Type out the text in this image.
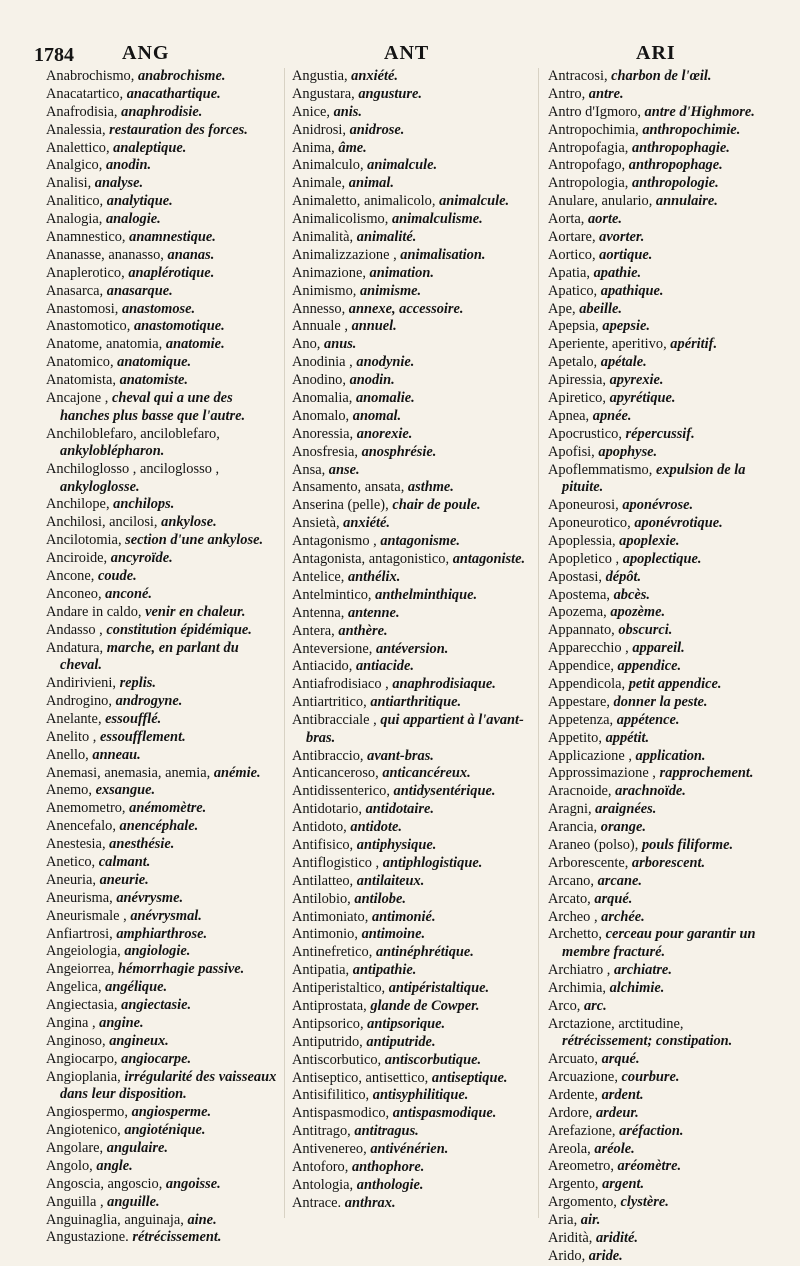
1784 ANG	ANT	ARI
Anabrochismo, anabrochisme.
Anacatartico, anacathartique.
Anafrodisia, anaphrodisie.
Analessia, restauration des forces.
Analettico, analeptique.
Analgico, anodin.
Analisi, analyse.
Analitico, analytique.
Analogia, analogie.
Anamnestico, anamnestique.
Ananasse, ananasso, ananas.
Anaplerotico, anaplérotique.
Anasarca, anasarque.
Anastomosi, anastomose.
Anastomotico, anastomotique.
Anatome, anatomia, anatomie.
Anatomico, anatomique.
Anatomista, anatomiste.
Ancajone , cheval qui a une des hanches plus basse que l'autre.
Anchiloblefaro, ancilоblefaro, ankyloblépharon.
Anchiloglosso , ancilоglosso , ankyloglosse.
Anchilope, anchilops.
Anchilosi, ancilosi, ankylose.
Ancilotomia, section d'une ankylose.
Anciroide, ancyroïde.
Ancone, coude.
Anconeo, anconé.
Andare in caldo, venir en chaleur.
Andasso , constitution épidémique.
Andatura, marche, en parlant du cheval.
Andirivieni, replis.
Androgino, androgyne.
Anelante, essoufflé.
Anelito , essoufflement.
Anello, anneau.
Anemasi, anemasia, anemia, anémie.
Anemo, exsangue.
Anemometro, anémomètre.
Anencefalo, anencéphale.
Anestesia, anesthésie.
Anetico, calmant.
Aneuria, aneurie.
Aneurisma, anévrysme.
Aneurismale , anévrysmal.
Anfiartrosi, amphiarthrose.
Angeiologia, angiologie.
Angeiorrea, hémorrhagie passive.
Angelica, angélique.
Angiectasia, angiectasie.
Angina , angine.
Anginoso, angineux.
Angiocarpo, angiocarpe.
Angioplania, irrégularité des vaisseaux dans leur disposition.
Angiospermo, angiosperme.
Angiotenico, angioténique.
Angolare, angulaire.
Angolo, angle.
Angoscia, angoscio, angoisse.
Anguilla , anguille.
Anguinaglia, anguinaja, aine.
Angustazione. rétrécissement.
Angustia, anxiété.
Angustara, angusture.
Anice, anis.
Anidrosi, anidrose.
Anima, âme.
Animalculo, animalcule.
Animale, animal.
Animaletto, animalicolo, animalcule.
Animalicolismo, animalculisme.
Animalità, animalité.
Animalizzazione , animalisation.
Animazione, animation.
Animismo, animisme.
Annesso, annexe, accessoire.
Annuale , annuel.
Ano, anus.
Anodinia , anodynie.
Anodino, anodin.
Anomalia, anomalie.
Anomalo, anomal.
Anoressia, anorexie.
Anosfresia, anosphrésie.
Ansa, anse.
Ansamento, ansata, asthme.
Anserina (pelle), chair de poule.
Ansietà, anxiété.
Antagonismo , antagonisme.
Antagonista, antagonistico, antagoniste.
Antelice, anthélix.
Antelmintico, anthelminthique.
Antenna, antenne.
Antera, anthère.
Anteversione, antéversion.
Antiacido, antiacide.
Antiafrodisiaco , anaphrodisiaque.
Antiartritico, antiarthritique.
Antibracciale , qui appartient à l'avant-bras.
Antibraccio, avant-bras.
Anticanceroso, anticancéreux.
Antidissenterico, antidysentérique.
Antidotario, antidotaire.
Antidoto, antidote.
Antifisico, antiphysique.
Antiflogistico , antiphlogistique.
Antilatteo, antilaiteux.
Antilobio, antilobe.
Antimoniato, antimonié.
Antimonio, antimoine.
Antinefretico, antinéphrétique.
Antipatia, antipathie.
Antiperistaltico, antipéristaltique.
Antiprostata, glande de Cowper.
Antipsorico, antipsorique.
Antiputrido, antiputride.
Antiscorbutico, antiscorbutique.
Antiseptico, antisettico, antiseptique.
Antisifilitico, antisyphilitique.
Antispasmodico, antispasmodique.
Antitrago, antitragus.
Antivenereo, antivénérien.
Antoforo, anthophore.
Antologia, anthologie.
Antrace. anthrax.
Antracosi, charbon de l'œil.
Antro, antre.
Antro d'Igmoro, antre d'Highmore.
Antropochimia, anthropochimie.
Antropofagia, anthropophagie.
Antropofago, anthropophage.
Antropologia, anthropologie.
Anulare, anulario, annulaire.
Aorta, aorte.
Aortare, avorter.
Aortico, aortique.
Apatia, apathie.
Apatico, apathique.
Ape, abeille.
Apepsia, apepsie.
Aperiente, aperitivo, apéritif.
Apetalo, apétale.
Apiressia, apyrexie.
Apiretico, apyrétique.
Apnea, apnée.
Apocrustico, répercussif.
Apofisi, apophyse.
Apoflemmatismo, expulsion de la pituite.
Aponeurosi, aponévrose.
Aponeurotico, aponévrotique.
Apoplessia, apoplexie.
Apopletico , apoplectique.
Apostasi, dépôt.
Apostema, abcès.
Apozema, apozème.
Appannato, obscurci.
Apparecchio , appareil.
Appendice, appendice.
Appendicola, petit appendice.
Appestare, donner la peste.
Appetenza, appétence.
Appetito, appétit.
Applicazione , application.
Approssimazione , rapprochement.
Aracnoide, arachnoïde.
Aragni, araignées.
Arancia, orange.
Araneo (polso), pouls filiforme.
Arborescente, arborescent.
Arcano, arcane.
Arcato, arqué.
Archeo , archée.
Archetto, cerceau pour garantir un membre fracturé.
Archiatro , archiatre.
Archimia, alchimie.
Arco, arc.
Arctazione, arctitudine, rétrécissement; constipation.
Arcuato, arqué.
Arcuazione, courbure.
Ardente, ardent.
Ardore, ardeur.
Arefazione, aréfaction.
Areola, aréole.
Areometro, aréomètre.
Argento, argent.
Argomento, clystère.
Aria, air.
Aridità, aridité.
Arido, aride.
